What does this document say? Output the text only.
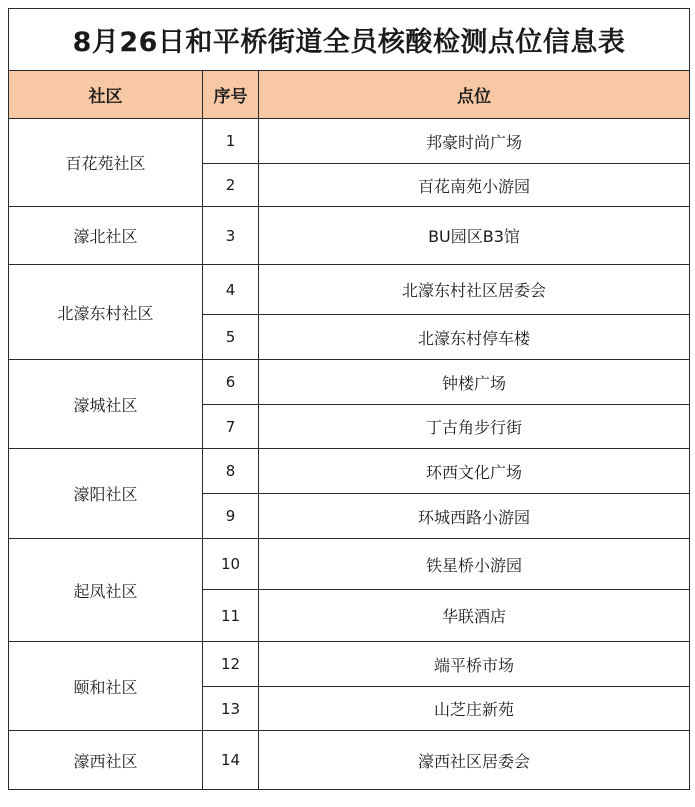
8月26日和平桥街道全员核酸检测点位信息表		
社区	序号	点位
百花苑社区	1	邦豪时尚广场
	2	百花南苑小游园
濠北社区	3	BU园区B3馆
北濠东村社区	4	北濠东村社区居委会
	5	北濠东村停车楼
濠城社区	6	钟楼广场
	7	丁古角步行街
濠阳社区	8	环西文化广场
	9	环城西路小游园
起凤社区	10	铁星桥小游园
	11	华联酒店
颐和社区	12	端平桥市场
	13	山芝庄新苑
濠西社区	14	濠西社区居委会
